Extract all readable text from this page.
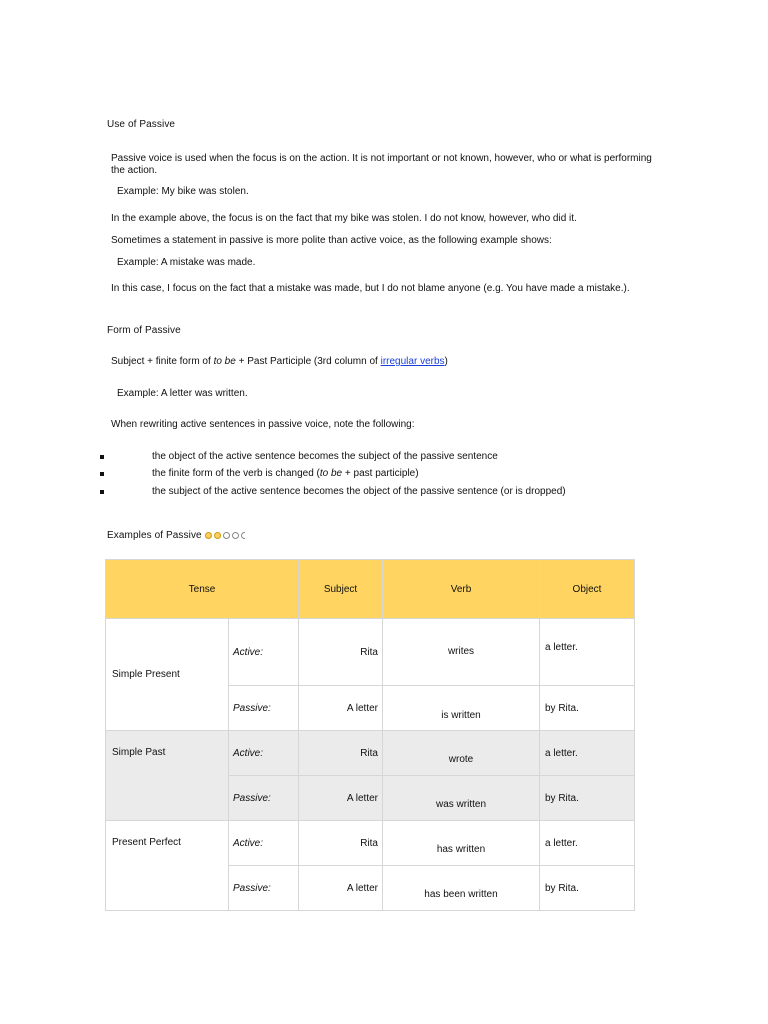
Use of Passive
Passive voice is used when the focus is on the action. It is not important or not known, however, who or what is performing the action.
Example: My bike was stolen.
In the example above, the focus is on the fact that my bike was stolen. I do not know, however, who did it.
Sometimes a statement in passive is more polite than active voice, as the following example shows:
Example: A mistake was made.
In this case, I focus on the fact that a mistake was made, but I do not blame anyone (e.g. You have made a mistake.).
Form of Passive
Subject + finite form of to be + Past Participle (3rd column of irregular verbs)
Example: A letter was written.
When rewriting active sentences in passive voice, note the following:
the object of the active sentence becomes the subject of the passive sentence
the finite form of the verb is changed (to be + past participle)
the subject of the active sentence becomes the object of the passive sentence (or is dropped)
Examples of Passive
Tense		Subject	Verb	Object
Simple Present	Active:	Rita	writes	a letter.
	Passive:	A letter	is written	by Rita.
Simple Past	Active:	Rita	wrote	a letter.
	Passive:	A letter	was written	by Rita.
Present Perfect	Active:	Rita	has written	a letter.
	Passive:	A letter	has been written	by Rita.
